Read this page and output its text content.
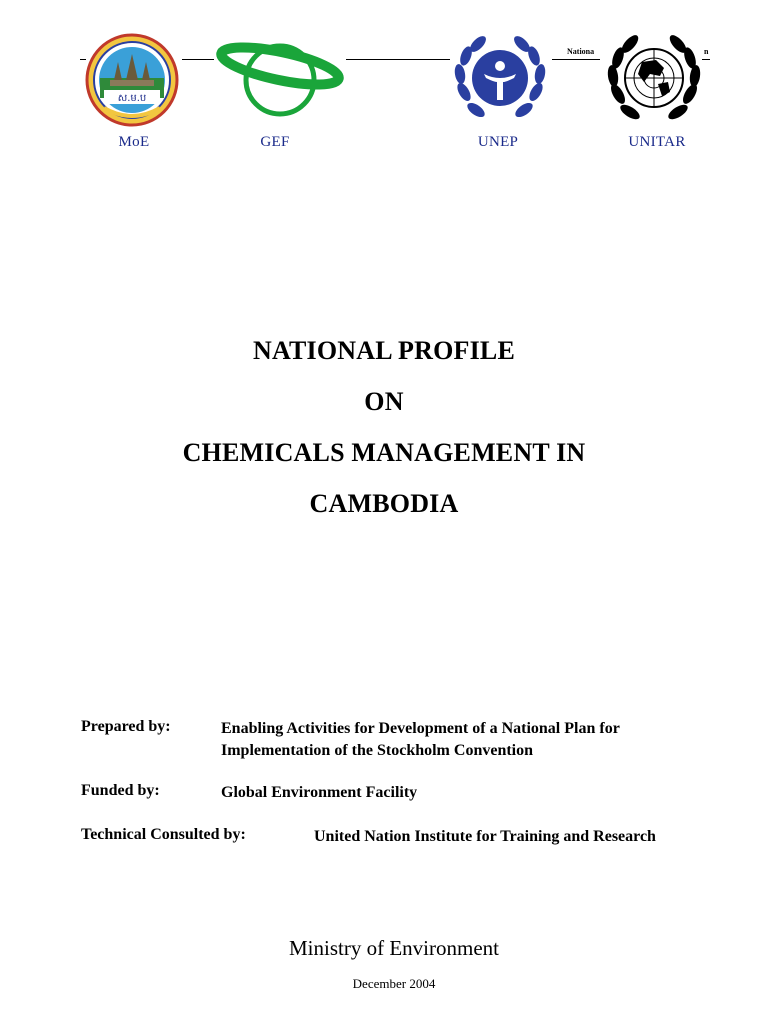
Nationa	n
ស.ម.ប
MoE	GEF	UNEP	UNITAR
NATIONAL PROFILE
ON
CHEMICALS MANAGEMENT IN
CAMBODIA
Prepared by:	Enabling Activities for Development of a National Plan for Implementation of the Stockholm Convention
Funded by:	Global Environment Facility
Technical Consulted by:	United Nation Institute for Training and Research
Ministry of Environment
December 2004
